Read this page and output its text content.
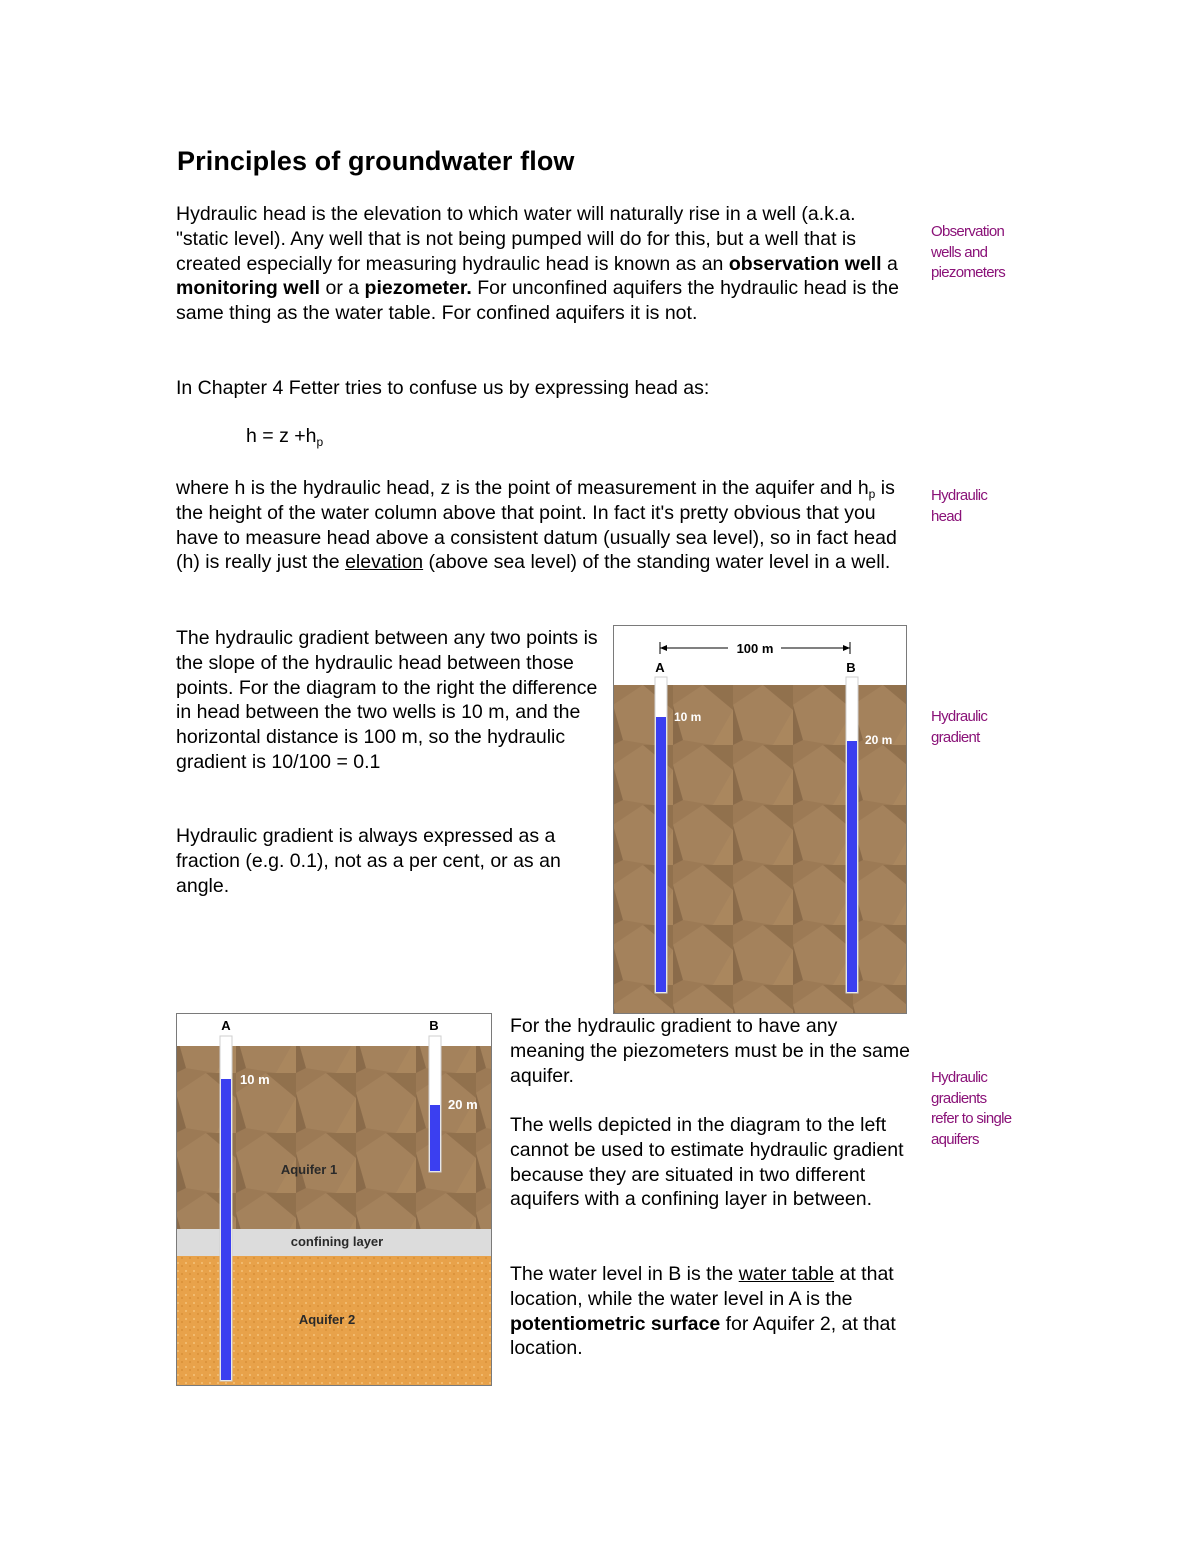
Principles of groundwater flow

Hydraulic head is the elevation to which water will naturally rise in a well (a.k.a. "static level). Any well that is not being pumped will do for this, but a well that is created especially for measuring hydraulic head is known as an observation well a monitoring well or a piezometer. For unconfined aquifers the hydraulic head is the same thing as the water table. For confined aquifers it is not.

In Chapter 4 Fetter tries to confuse us by expressing head as:

$h = z +h_p$

where h is the hydraulic head, z is the point of measurement in the aquifer and $h_p$ is the height of the water column above that point. In fact it's pretty obvious that you have to measure head above a consistent datum (usually sea level), so in fact head (h) is really just the elevation (above sea level) of the standing water level in a well.

The hydraulic gradient between any two points is the slope of the hydraulic head between those points. For the diagram to the right the difference in head between the two wells is 10 m, and the horizontal distance is 100 m, so the hydraulic gradient is 10/100 = 0.1

Hydraulic gradient is always expressed as a fraction (e.g. 0.1), not as a per cent, or as an angle.

For the hydraulic gradient to have any meaning the piezometers must be in the same aquifer.

The wells depicted in the diagram to the left cannot be used to estimate hydraulic gradient because they are situated in two different aquifers with a confining layer in between.

The water level in B is the water table at that location, while the water level in A is the potentiometric surface for Aquifer 2, at that location.

Observation
wells and
piezometers

Hydraulic
head

Hydraulic
gradient

Hydraulic
gradients
refer to single
aquifers

100 m
A	B
10 m
20 m
A	B
10 m
20 m
Aquifer 1
confining layer
Aquifer 2
